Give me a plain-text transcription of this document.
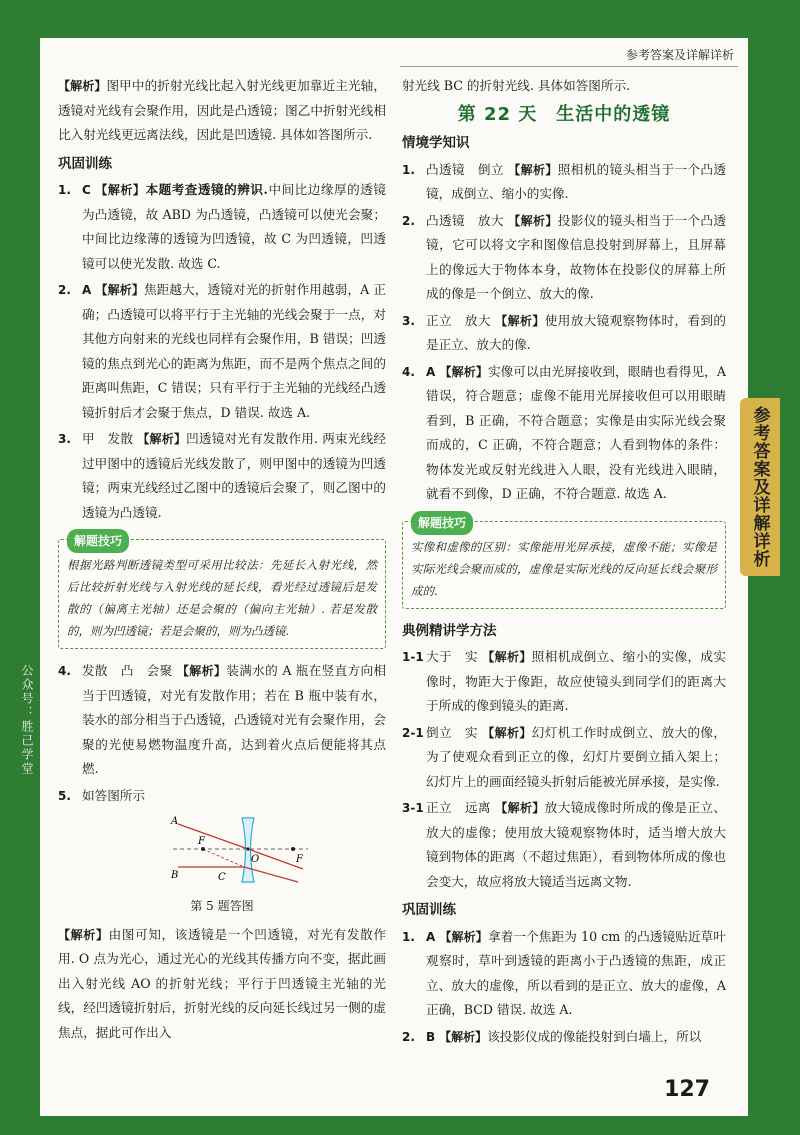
参考答案及详解详析

【解析】图甲中的折射光线比起入射光线更加靠近主光轴，透镜对光线有会聚作用，因此是凸透镜；图乙中折射光线相比入射光线更远离法线，因此是凹透镜. 具体如答图所示.

巩固训练
1. C 【解析】本题考查透镜的辨识.中间比边缘厚的透镜为凸透镜，故 ABD 为凸透镜，凸透镜可以使光会聚；中间比边缘薄的透镜为凹透镜，故 C 为凹透镜，凹透镜可以使光发散. 故选 C.
2. A 【解析】焦距越大，透镜对光的折射作用越弱，A 正确；凸透镜可以将平行于主光轴的光线会聚于一点，对其他方向射来的光线也同样有会聚作用，B 错误；凹透镜的焦点到光心的距离为焦距，而不是两个焦点之间的距离叫焦距，C 错误；只有平行于主光轴的光线经凸透镜折射后才会聚于焦点，D 错误. 故选 A.
3. 甲　发散 【解析】凹透镜对光有发散作用. 两束光线经过甲图中的透镜后光线发散了，则甲图中的透镜为凹透镜；两束光线经过乙图中的透镜后会聚了，则乙图中的透镜为凸透镜.
解题技巧
根据光路判断透镜类型可采用比较法：先延长入射光线，然后比较折射光线与入射光线的延长线，看光经过透镜后是发散的（偏离主光轴）还是会聚的（偏向主光轴）. 若是发散的，则为凹透镜；若是会聚的，则为凸透镜.
4. 发散　凸　会聚 【解析】装满水的 A 瓶在竖直方向相当于凹透镜，对光有发散作用；若在 B 瓶中装有水，装水的部分相当于凸透镜，凸透镜对光有会聚作用，会聚的光使易燃物温度升高，达到着火点后便能将其点燃.
5. 如答图所示
A
B	C
F
O	F
第 5 题答图

【解析】由图可知，该透镜是一个凹透镜，对光有发散作用. O 点为光心，通过光心的光线其传播方向不变，据此画出入射光线 AO 的折射光线；平行于凹透镜主光轴的光线，经凹透镜折射后，折射光线的反向延长线过另一侧的虚焦点，据此可作出入

射光线 BC 的折射光线. 具体如答图所示.

第 22 天　生活中的透镜
情境学知识
1. 凸透镜　倒立 【解析】照相机的镜头相当于一个凸透镜，成倒立、缩小的实像.
2. 凸透镜　放大 【解析】投影仪的镜头相当于一个凸透镜，它可以将文字和图像信息投射到屏幕上，且屏幕上的像远大于物体本身，故物体在投影仪的屏幕上所成的像是一个倒立、放大的像.
3. 正立　放大 【解析】使用放大镜观察物体时，看到的是正立、放大的像.
4. A 【解析】实像可以由光屏接收到，眼睛也看得见，A 错误，符合题意；虚像不能用光屏接收但可以用眼睛看到，B 正确，不符合题意；实像是由实际光线会聚而成的，C 正确，不符合题意；人看到物体的条件：物体发光或反射光线进入人眼，没有光线进入眼睛，就看不到像，D 正确，不符合题意. 故选 A.
解题技巧
实像和虚像的区别：实像能用光屏承接，虚像不能；实像是实际光线会聚而成的，虚像是实际光线的反向延长线会聚形成的.
典例精讲学方法
1-1 大于　实 【解析】照相机成倒立、缩小的实像，成实像时，物距大于像距，故应使镜头到同学们的距离大于所成的像到镜头的距离.
2-1 倒立　实 【解析】幻灯机工作时成倒立、放大的像，为了使观众看到正立的像，幻灯片要倒立插入架上；幻灯片上的画面经镜头折射后能被光屏承接，是实像.
3-1 正立　远离 【解析】放大镜成像时所成的像是正立、放大的虚像；使用放大镜观察物体时，适当增大放大镜到物体的距离（不超过焦距），看到物体所成的像也会变大，故应将放大镜适当远离文物.
巩固训练
1. A 【解析】拿着一个焦距为 10 cm 的凸透镜贴近草叶观察时，草叶到透镜的距离小于凸透镜的焦距，成正立、放大的虚像，所以看到的是正立、放大的虚像，A 正确，BCD 错误. 故选 A.
2. B 【解析】该投影仪成的像能投射到白墙上，所以
127
参考答案及详解详析
公众号：胜己学堂
